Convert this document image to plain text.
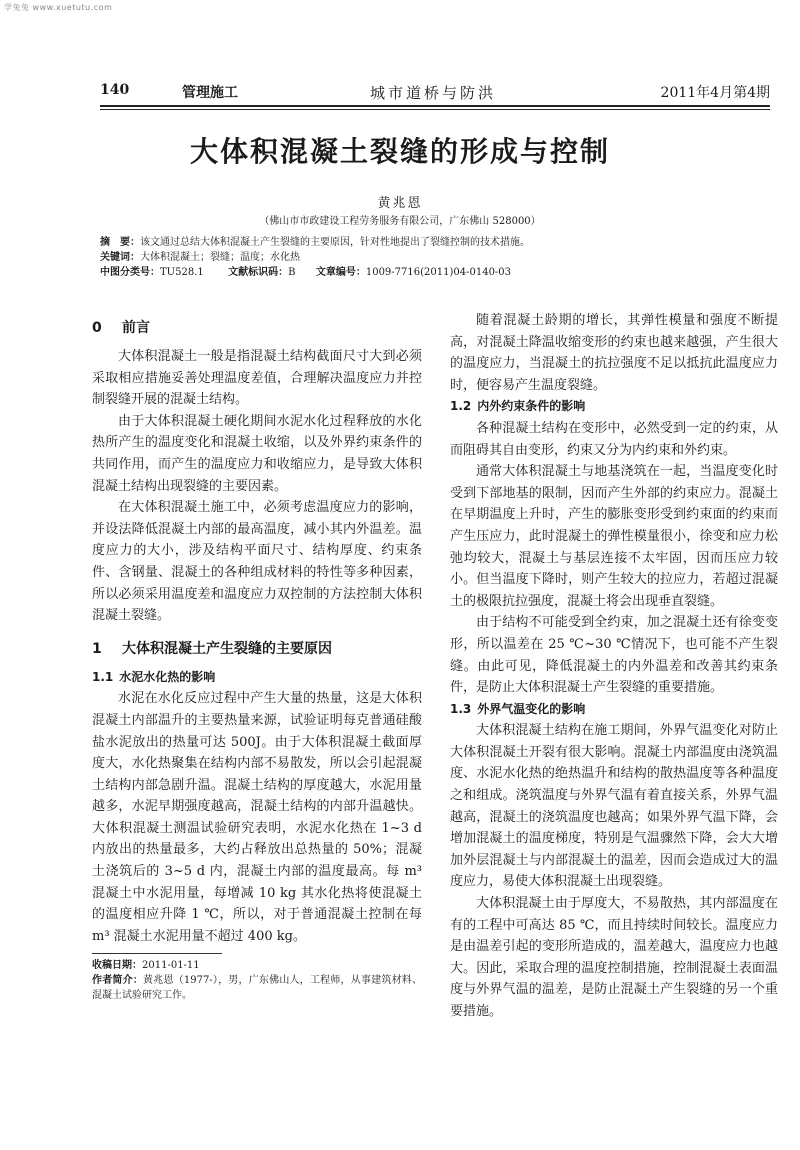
学兔兔 www.xuetutu.com
140	管理施工	城市道桥与防洪	2011年4月第4期
大体积混凝土裂缝的形成与控制
黄兆恩
（佛山市市政建设工程劳务服务有限公司，广东佛山 528000）
摘　要：该文通过总结大体积混凝土产生裂缝的主要原因，针对性地提出了裂缝控制的技术措施。
关键词：大体积混凝土；裂缝；温度；水化热
中图分类号：TU528.1 文献标识码：B 文章编号：1009-7716(2011)04-0140-03
0 前言

大体积混凝土一般是指混凝土结构截面尺寸大到必须采取相应措施妥善处理温度差值，合理解决温度应力并控制裂缝开展的混凝土结构。

由于大体积混凝土硬化期间水泥水化过程释放的水化热所产生的温度变化和混凝土收缩，以及外界约束条件的共同作用，而产生的温度应力和收缩应力，是导致大体积混凝土结构出现裂缝的主要因素。

在大体积混凝土施工中，必须考虑温度应力的影响，并设法降低混凝土内部的最高温度，减小其内外温差。温度应力的大小，涉及结构平面尺寸、结构厚度、约束条件、含钢量、混凝土的各种组成材料的特性等多种因素，所以必须采用温度差和温度应力双控制的方法控制大体积混凝土裂缝。

1 大体积混凝土产生裂缝的主要原因
1.1 水泥水化热的影响

水泥在水化反应过程中产生大量的热量，这是大体积混凝土内部温升的主要热量来源，试验证明每克普通硅酸盐水泥放出的热量可达 500J。由于大体积混凝土截面厚度大，水化热聚集在结构内部不易散发，所以会引起混凝土结构内部急剧升温。混凝土结构的厚度越大，水泥用量越多，水泥早期强度越高，混凝土结构的内部升温越快。大体积混凝土测温试验研究表明，水泥水化热在 1~3 d 内放出的热量最多，大约占释放出总热量的 50%；混凝土浇筑后的 3~5 d 内，混凝土内部的温度最高。每 m³ 混凝土中水泥用量，每增减 10 kg 其水化热将使混凝土的温度相应升降 1 ℃，所以，对于普通混凝土控制在每 m³ 混凝土水泥用量不超过 400 kg。

收稿日期：2011-01-11
作者简介：黄兆恩（1977-），男，广东佛山人，工程师，从事建筑材料、混凝土试验研究工作。

随着混凝土龄期的增长，其弹性模量和强度不断提高，对混凝土降温收缩变形的约束也越来越强，产生很大的温度应力，当混凝土的抗拉强度不足以抵抗此温度应力时，便容易产生温度裂缝。

1.2 内外约束条件的影响

各种混凝土结构在变形中，必然受到一定的约束，从而阻碍其自由变形，约束又分为内约束和外约束。

通常大体积混凝土与地基浇筑在一起，当温度变化时受到下部地基的限制，因而产生外部的约束应力。混凝土在早期温度上升时，产生的膨胀变形受到约束面的约束而产生压应力，此时混凝土的弹性模量很小，徐变和应力松弛均较大，混凝土与基层连接不太牢固，因而压应力较小。但当温度下降时，则产生较大的拉应力，若超过混凝土的极限抗拉强度，混凝土将会出现垂直裂缝。

由于结构不可能受到全约束，加之混凝土还有徐变变形，所以温差在 25 ℃~30 ℃情况下，也可能不产生裂缝。由此可见，降低混凝土的内外温差和改善其约束条件，是防止大体积混凝土产生裂缝的重要措施。

1.3 外界气温变化的影响

大体积混凝土结构在施工期间，外界气温变化对防止大体积混凝土开裂有很大影响。混凝土内部温度由浇筑温度、水泥水化热的绝热温升和结构的散热温度等各种温度之和组成。浇筑温度与外界气温有着直接关系，外界气温越高，混凝土的浇筑温度也越高；如果外界气温下降，会增加混凝土的温度梯度，特别是气温骤然下降，会大大增加外层混凝土与内部混凝土的温差，因而会造成过大的温度应力，易使大体积混凝土出现裂缝。

大体积混凝土由于厚度大，不易散热，其内部温度在有的工程中可高达 85 ℃，而且持续时间较长。温度应力是由温差引起的变形所造成的，温差越大，温度应力也越大。因此，采取合理的温度控制措施，控制混凝土表面温度与外界气温的温差，是防止混凝土产生裂缝的另一个重要措施。
